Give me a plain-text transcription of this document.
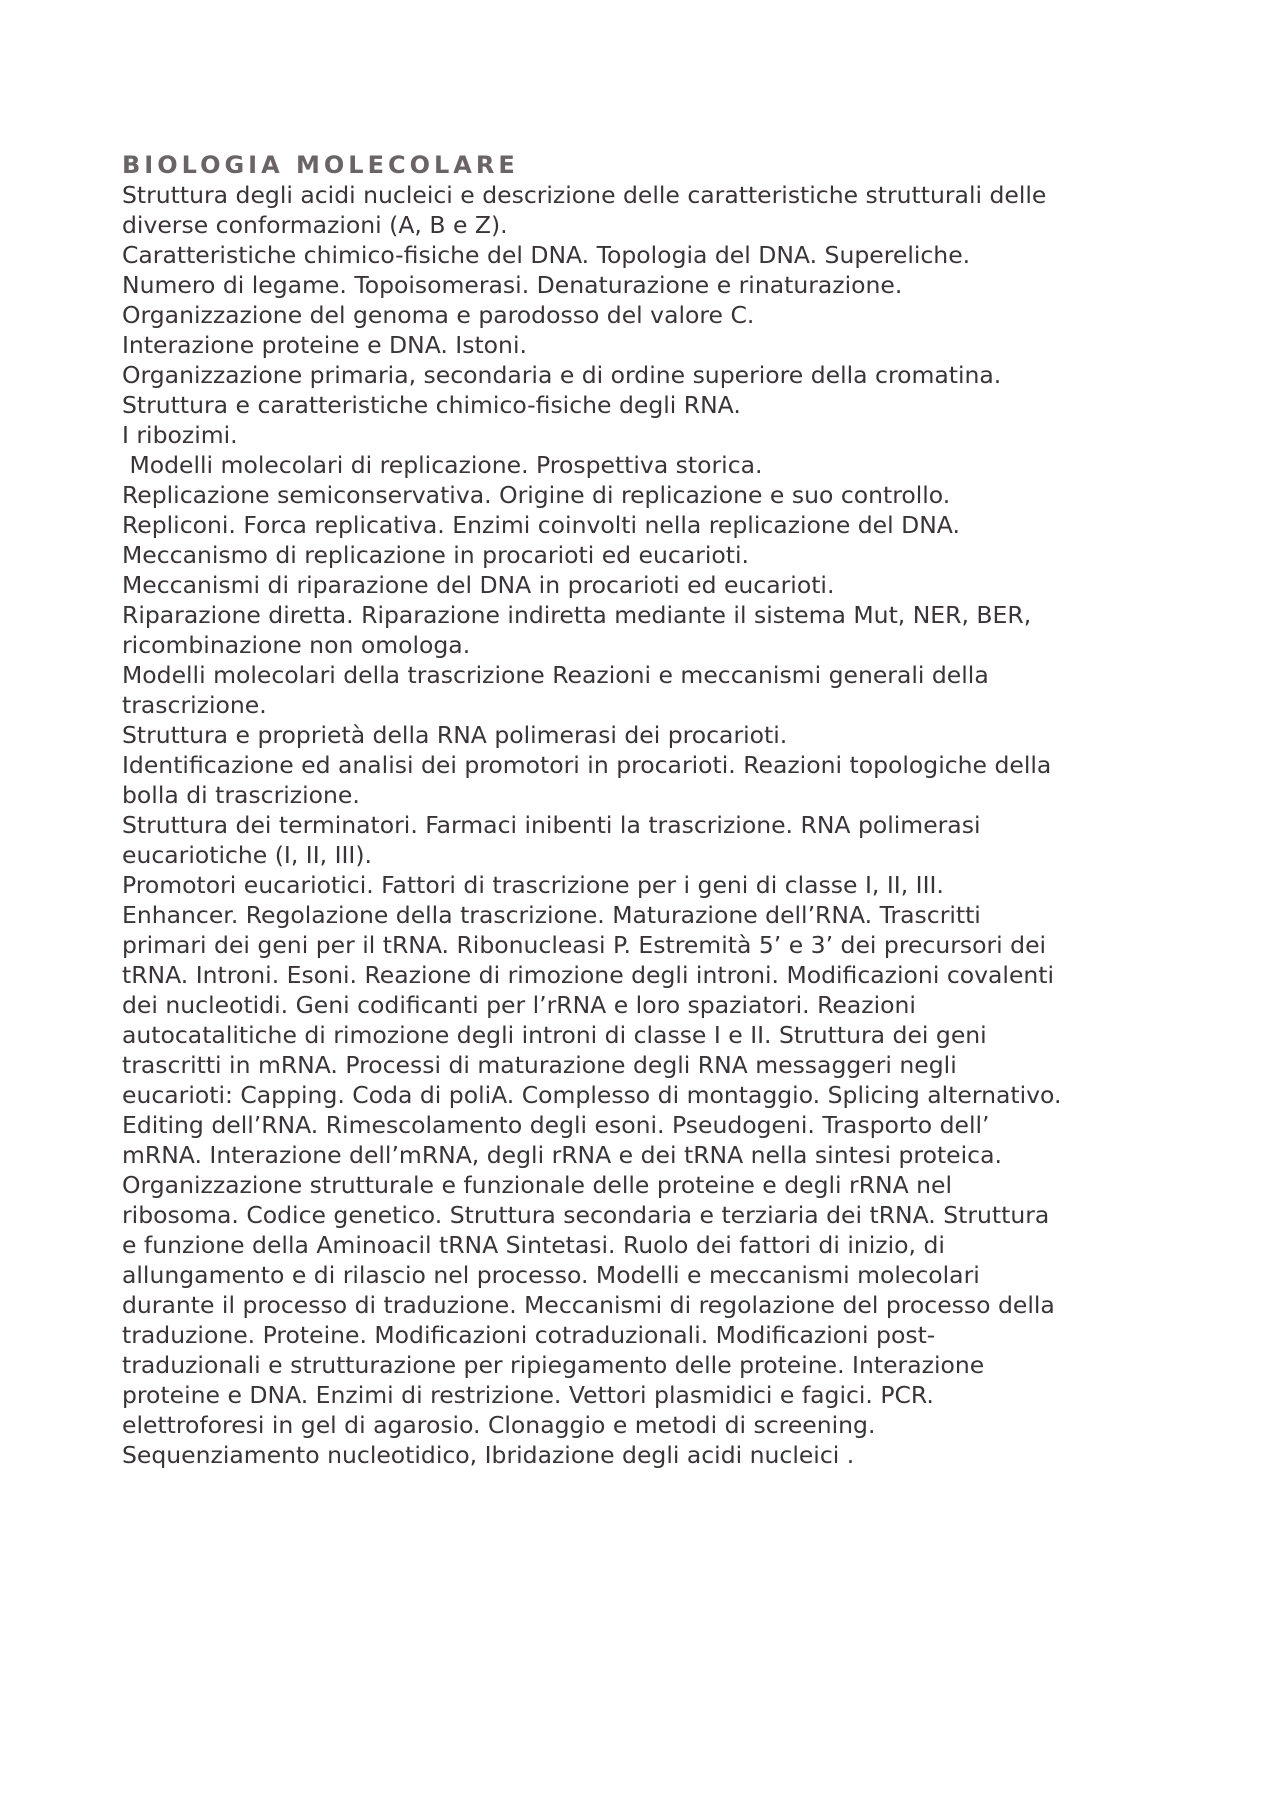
BIOLOGIA MOLECOLARE

Struttura degli acidi nucleici e descrizione delle caratteristiche strutturali delle

diverse conformazioni (A, B e Z).

Caratteristiche chimico-fisiche del DNA. Topologia del DNA. Supereliche.

Numero di legame. Topoisomerasi. Denaturazione e rinaturazione.

Organizzazione del genoma e parodosso del valore C.

Interazione proteine e DNA. Istoni.

Organizzazione primaria, secondaria e di ordine superiore della cromatina.

Struttura e caratteristiche chimico-fisiche degli RNA.

I ribozimi.

Modelli molecolari di replicazione. Prospettiva storica.

Replicazione semiconservativa. Origine di replicazione e suo controllo.

Repliconi. Forca replicativa. Enzimi coinvolti nella replicazione del DNA.

Meccanismo di replicazione in procarioti ed eucarioti.

Meccanismi di riparazione del DNA in procarioti ed eucarioti.

Riparazione diretta. Riparazione indiretta mediante il sistema Mut, NER, BER,

ricombinazione non omologa.

Modelli molecolari della trascrizione Reazioni e meccanismi generali della

trascrizione.

Struttura e proprietà della RNA polimerasi dei procarioti.

Identificazione ed analisi dei promotori in procarioti. Reazioni topologiche della

bolla di trascrizione.

Struttura dei terminatori. Farmaci inibenti la trascrizione. RNA polimerasi

eucariotiche (I, II, III).

Promotori eucariotici. Fattori di trascrizione per i geni di classe I, II, III.

Enhancer. Regolazione della trascrizione. Maturazione dell’RNA. Trascritti

primari dei geni per il tRNA. Ribonucleasi P. Estremità 5’ e 3’ dei precursori dei

tRNA. Introni. Esoni. Reazione di rimozione degli introni. Modificazioni covalenti

dei nucleotidi. Geni codificanti per l’rRNA e loro spaziatori. Reazioni

autocatalitiche di rimozione degli introni di classe I e II. Struttura dei geni

trascritti in mRNA. Processi di maturazione degli RNA messaggeri negli

eucarioti: Capping. Coda di poliA. Complesso di montaggio. Splicing alternativo.

Editing dell’RNA. Rimescolamento degli esoni. Pseudogeni. Trasporto dell’

mRNA. Interazione dell’mRNA, degli rRNA e dei tRNA nella sintesi proteica.

Organizzazione strutturale e funzionale delle proteine e degli rRNA nel

ribosoma. Codice genetico. Struttura secondaria e terziaria dei tRNA. Struttura

e funzione della Aminoacil tRNA Sintetasi. Ruolo dei fattori di inizio, di

allungamento e di rilascio nel processo. Modelli e meccanismi molecolari

durante il processo di traduzione. Meccanismi di regolazione del processo della

traduzione. Proteine. Modificazioni cotraduzionali. Modificazioni post-

traduzionali e strutturazione per ripiegamento delle proteine. Interazione

proteine e DNA. Enzimi di restrizione. Vettori plasmidici e fagici. PCR.

elettroforesi in gel di agarosio. Clonaggio e metodi di screening.

Sequenziamento nucleotidico, Ibridazione degli acidi nucleici .
